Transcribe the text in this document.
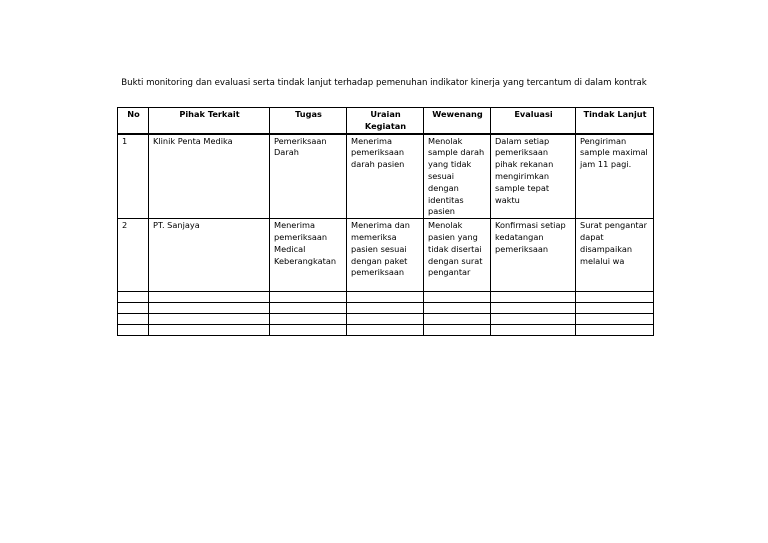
Bukti monitoring dan evaluasi serta tindak lanjut terhadap pemenuhan indikator kinerja yang tercantum di dalam kontrak
No	Pihak Terkait	Tugas	Uraian Kegiatan	Wewenang	Evaluasi	Tindak Lanjut
1	Klinik Penta Medika	Pemeriksaan Darah	Menerima pemeriksaan darah pasien	Menolak sample darah yang tidak sesuai dengan identitas pasien	Dalam setiap pemeriksaan pihak rekanan mengirimkan sample tepat waktu	Pengiriman sample maximal jam 11 pagi.
2	PT. Sanjaya	Menerima pemeriksaan Medical Keberangkatan	Menerima dan memeriksa pasien sesuai dengan paket pemeriksaan	Menolak pasien yang tidak disertai dengan surat pengantar	Konfirmasi setiap kedatangan pemeriksaan	Surat pengantar dapat disampaikan melalui wa
